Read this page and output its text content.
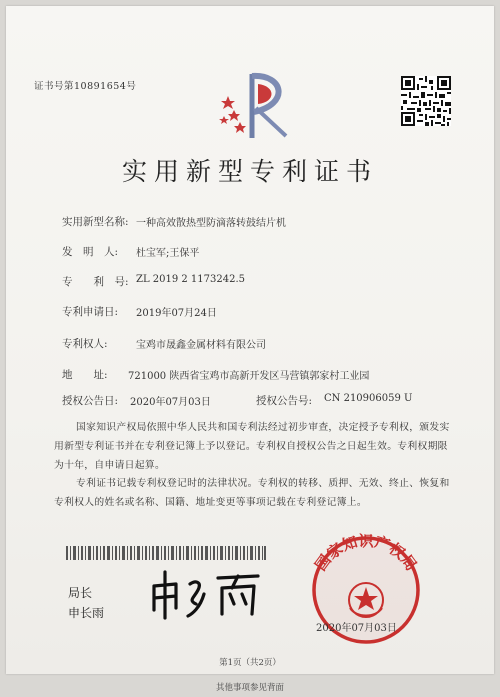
证书号第10891654号
实用新型专利证书
实用新型名称: 一种高效散热型防滴落转鼓结片机
发　明　人: 杜宝军;王保平
专　　利　号: ZL 2019 2 1173242.5
专利申请日: 2019年07月24日
专利权人:	宝鸡市晟鑫金属材料有限公司
地　　址: 721000 陕西省宝鸡市高新开发区马营镇郭家村工业园
授权公告日: 2020年07月03日	授权公告号: CN 210906059 U
国家知识产权局依照中华人民共和国专利法经过初步审查，决定授予专利权，颁发实用新型专利证书并在专利登记簿上予以登记。专利权自授权公告之日起生效。专利权期限为十年，自申请日起算。
专利证书记载专利权登记时的法律状况。专利权的转移、质押、无效、终止、恢复和专利权人的姓名或名称、国籍、地址变更等事项记载在专利登记簿上。
局长
申长雨
国家知识产权局
2020年07月03日
第1页（共2页）
其他事项参见背面
